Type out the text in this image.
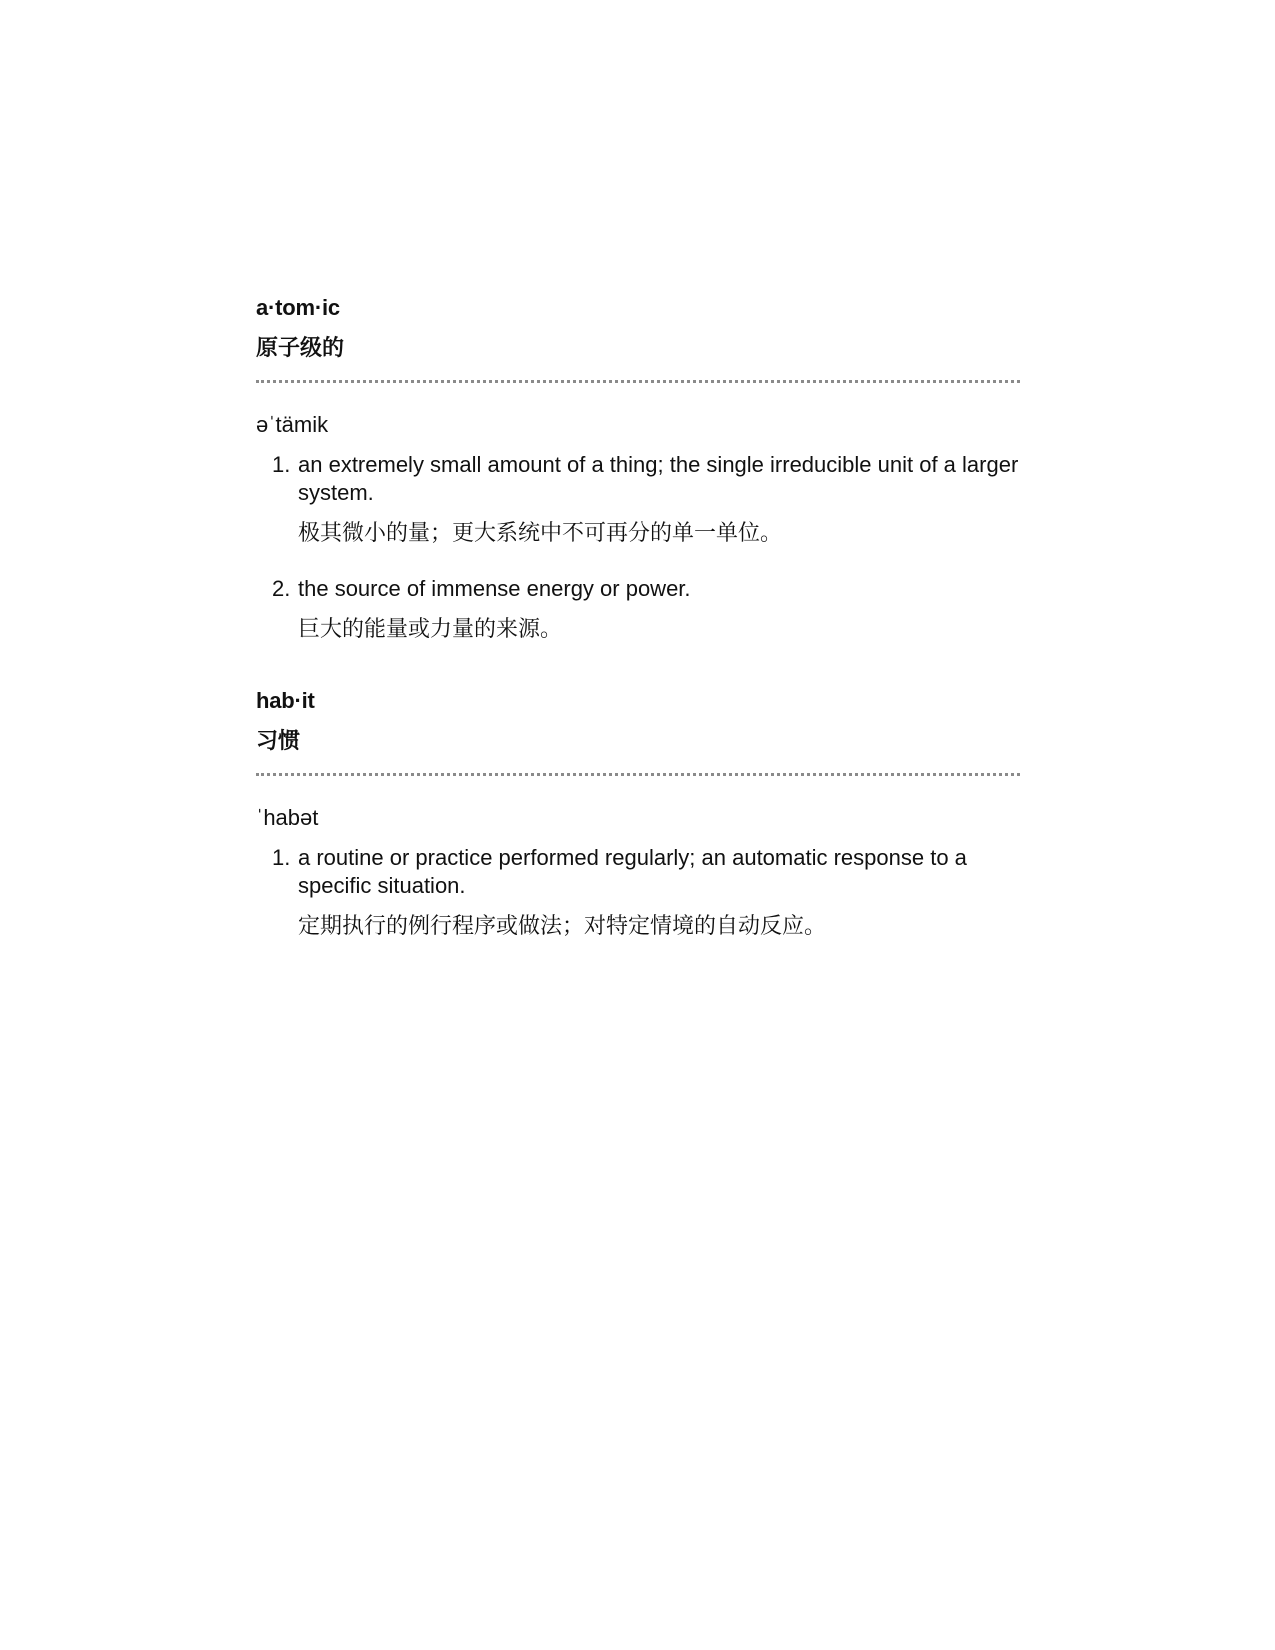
a·tom·ic
原子级的
əˈtämik
1. an extremely small amount of a thing; the single irreducible unit of a larger system.
极其微小的量；更大系统中不可再分的单一单位。
2. the source of immense energy or power.
巨大的能量或力量的来源。
hab·it
习惯
ˈhabət
1. a routine or practice performed regularly; an automatic response to a specific situation.
定期执行的例行程序或做法；对特定情境的自动反应。
